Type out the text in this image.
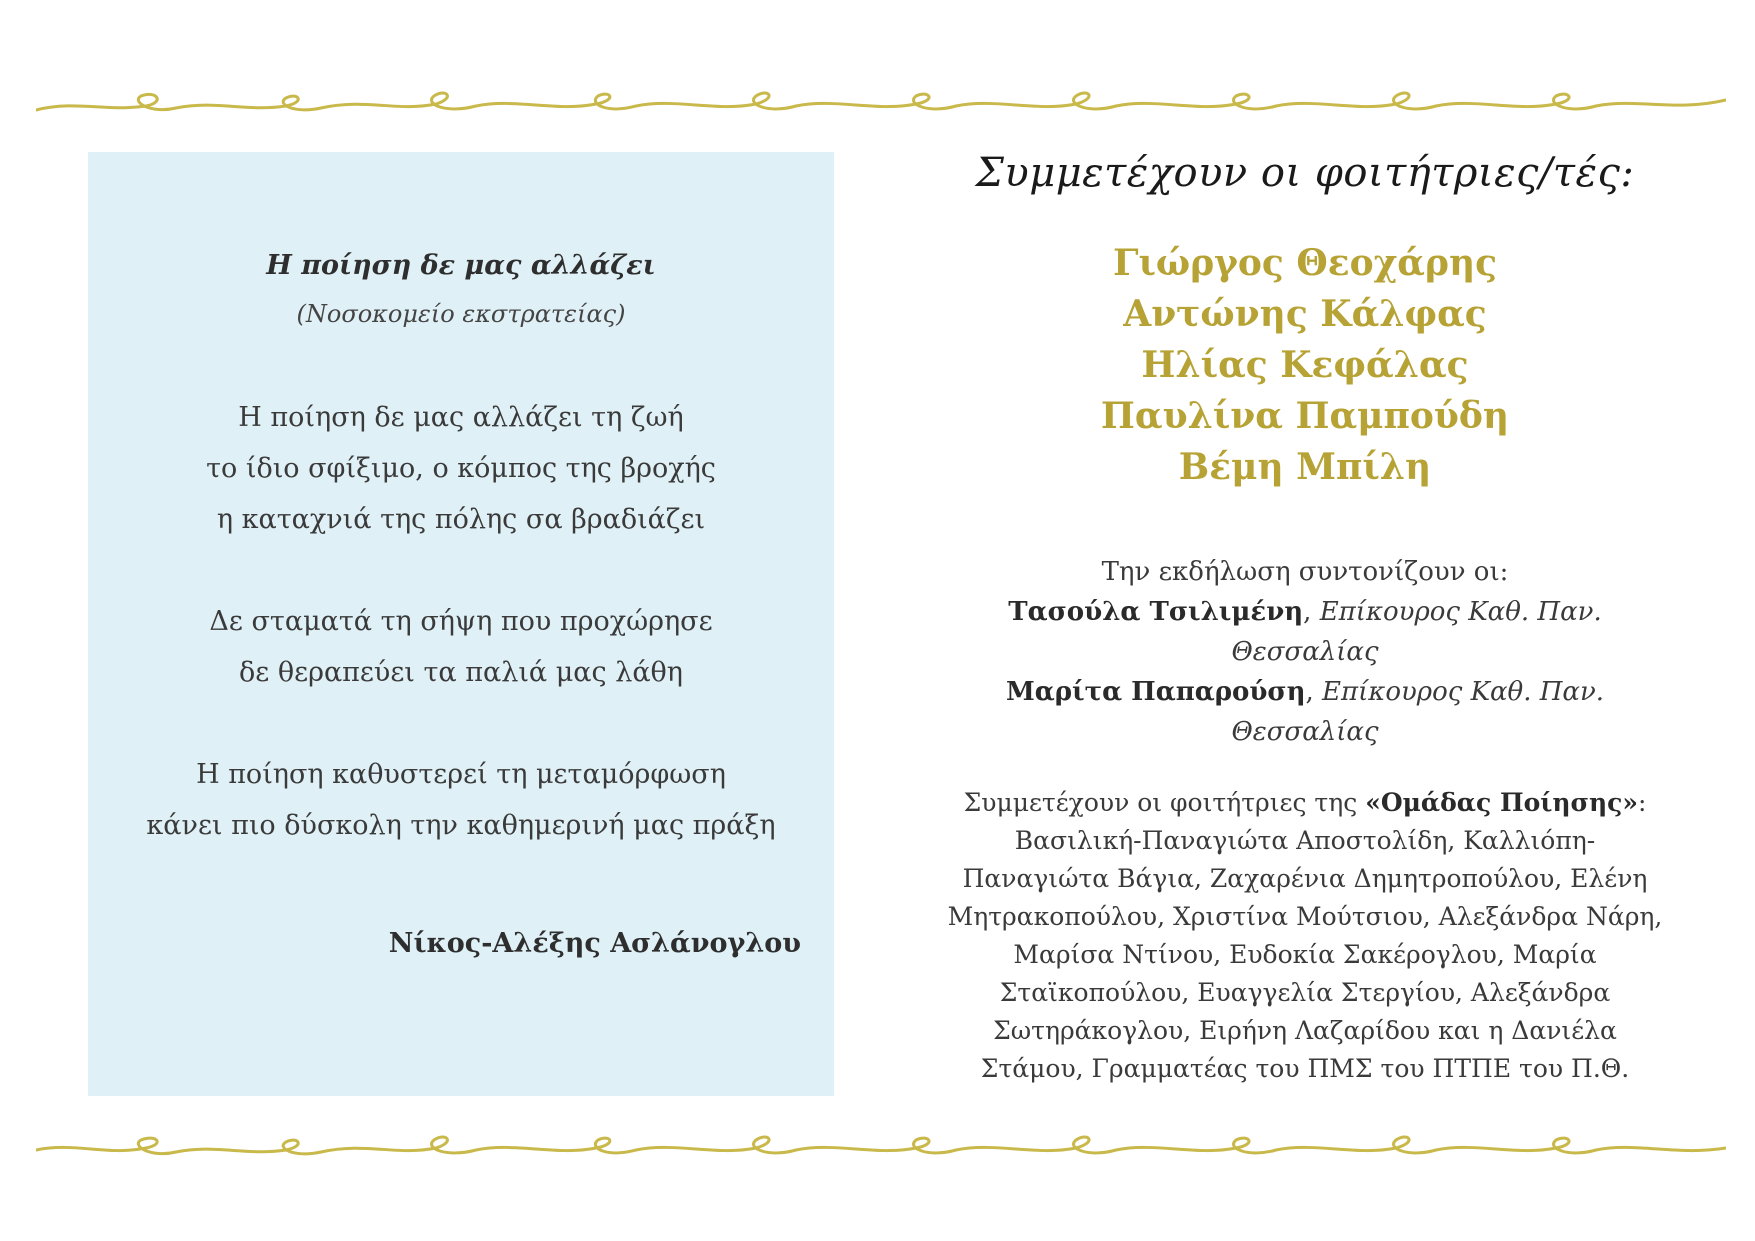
Η ποίηση δε μας αλλάζει
(Νοσοκομείο εκστρατείας)
Η ποίηση δε μας αλλάζει τη ζωή
το ίδιο σφίξιμο, ο κόμπος της βροχής
η καταχνιά της πόλης σα βραδιάζει
Δε σταματά τη σήψη που προχώρησε
δε θεραπεύει τα παλιά μας λάθη
Η ποίηση καθυστερεί τη μεταμόρφωση
κάνει πιο δύσκολη την καθημερινή μας πράξη
Νίκος-Αλέξης Ασλάνογλου
Συμμετέχουν οι φοιτήτριες/τές:
Γιώργος Θεοχάρης
Αντώνης Κάλφας
Ηλίας Κεφάλας
Παυλίνα Παμπούδη
Βέμη Μπίλη
Την εκδήλωση συντονίζουν οι:
Τασούλα Τσιλιμένη, Επίκουρος Καθ. Παν.
Θεσσαλίας
Μαρίτα Παπαρούση, Επίκουρος Καθ. Παν.
Θεσσαλίας
Συμμετέχουν οι φοιτήτριες της «Ομάδας Ποίησης»:
Βασιλική-Παναγιώτα Αποστολίδη, Καλλιόπη-
Παναγιώτα Βάγια, Ζαχαρένια Δημητροπούλου, Ελένη
Μητρακοπούλου, Χριστίνα Μούτσιου, Αλεξάνδρα Νάρη,
Μαρίσα Ντίνου, Ευδοκία Σακέρογλου, Μαρία
Σταϊκοπούλου, Ευαγγελία Στεργίου, Αλεξάνδρα
Σωτηράκογλου, Ειρήνη Λαζαρίδου και η Δανιέλα
Στάμου, Γραμματέας του ΠΜΣ του ΠΤΠΕ του Π.Θ.
